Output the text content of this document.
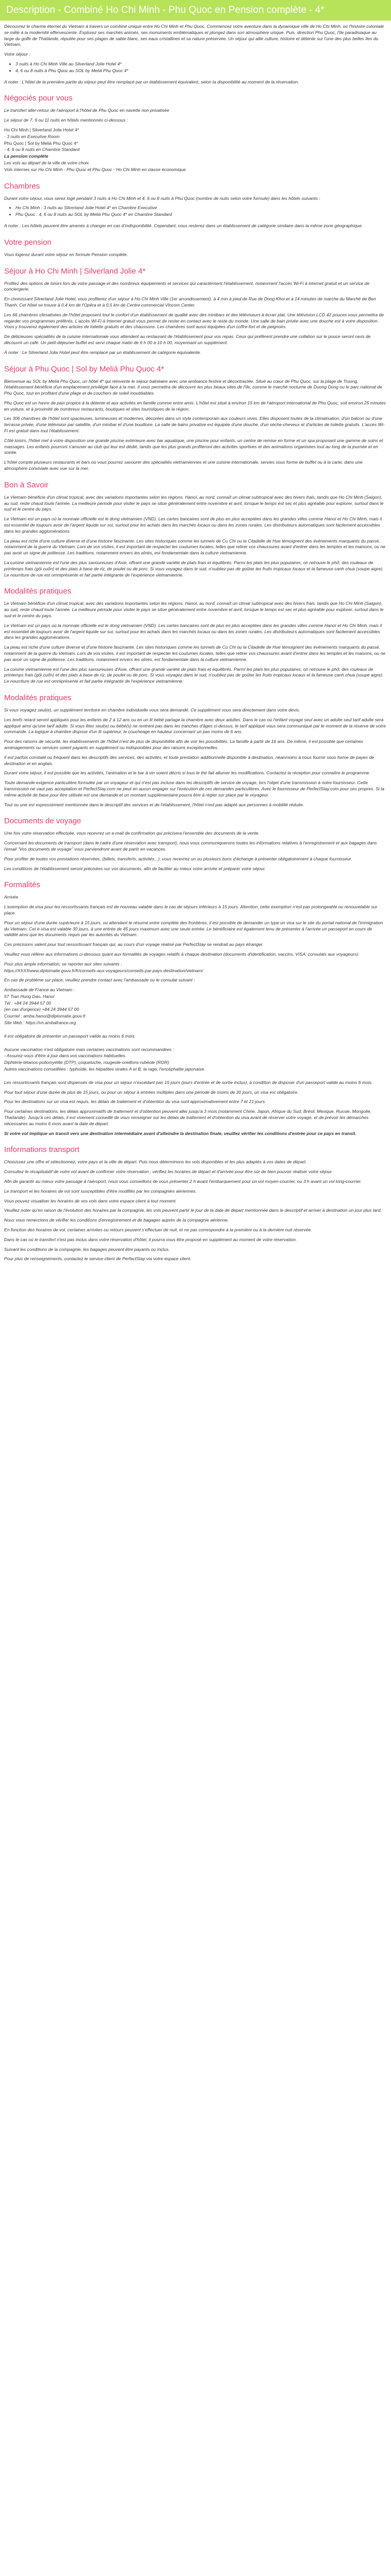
Description - Combiné Ho Chi Minh - Phu Quoc en Pension complète - 4*

Découvrez le charme éternel du Vietnam à travers un combiné unique entre Ho Chi Minh et Phu Quoc. Commencez votre aventure dans la dynamique ville de Ho Chi Minh, où l'histoire coloniale se mêle à la modernité effervescente. Explorez ses marchés animés, ses monuments emblématiques et plongez dans son atmosphère unique. Puis, direction Phu Quoc, l'île paradisiaque au large du golfe de Thaïlande, réputée pour ses plages de sable blanc, ses eaux cristallines et sa nature préservée. Un séjour qui allie culture, histoire et détente sur l'une des plus belles îles du Vietnam.

Votre séjour :

• 3 nuits à Ho Chi Minh Ville au Silverland Jolie Hotel 4*
• 4, 6 ou 8 nuits à Phu Quoc au SOL by Meliá Phu Quoc 4*

A noter : L'hôtel de la première partie du séjour peut être remplacé par un établissement équivalent, selon la disponibilité au moment de la réservation.

Négociés pour vous

Le transfert aller-retour de l'aéroport à l'hôtel de Phu Quoc en navette non privatisée

Le séjour de 7, 9 ou 11 nuits en hôtels mentionnés ci-dessous :

Ho Chi Minh | Silverland Jolie Hotel 4*

- 3 nuits en Executive Room

Phu Quoc | Sol by Meliá Phu Quoc 4*

- 4, 6 ou 8 nuits en Chambre Standard

La pension complète

Les vols au départ de la ville de votre choix

Vols internes sur Ho Chi Minh - Phu Quoc et Phu Quoc - Ho Chi Minh en classe économique

Chambres

Durant votre séjour, vous serez logé pendant 3 nuits à Ho Chi Minh et 4, 6 ou 8 nuits à Phu Quoc (nombre de nuits selon votre formule) dans les hôtels suivants :

• Ho Chi Minh : 3 nuits au Silverland Jolie Hotel 4* en Chambre Executive
• Phu Quoc : 4, 6 ou 8 nuits au SOL by Meliá Phu Quoc 4* en Chambre Standard

A noter : Les hôtels peuvent être amenés à changer en cas d'indisponibilité. Cependant, vous resterez dans un établissement de catégorie similaire dans la même zone géographique.

Votre pension

Vous logerez durant votre séjour en formule Pension complète.

Séjour à Ho Chi Minh | Silverland Jolie 4*

Profitez des options de loisirs lors de votre passage et des nombreux équipements et services qui caractérisent l'établissement, notamment l'accès Wi-Fi à internet gratuit et un service de conciergerie.

En choisissant Silverland Jolie Hotel, vous profiterez d'un séjour à Ho Chi Minh Ville (1er arrondissement), à 4 min à pied de Rue de Dong Khoi et à 14 minutes de marche du Marché de Ben Thanh. Cet hôtel se trouve à 0,4 km de l'Opéra et à 0,5 km de Centre commercial Vincom Center.

Les 66 chambres climatisées de l'hôtel proposent tout le confort d'un établissement de qualité avec des minibars et des téléviseurs à écran plat. Une télévision LCD 42 pouces vous permettra de regarder vos programmes préférés. L'accès Wi-Fi à Internet gratuit vous permet de rester en contact avec le reste du monde. Une salle de bain privée avec une douche est à votre disposition. Vous y trouverez également des articles de toilette gratuits et des chaussons. Les chambres sont aussi équipées d'un coffre-fort et de peignoirs.

De délicieuses spécialités de la cuisine internationale vous attendent au restaurant de l'établissement pour vos repas. Ceux qui préfèrent prendre une collation sur le pouce seront ravis de découvrir un café. Un petit-déjeuner buffet est servi chaque matin de 6 h 00 à 10 h 00, moyennant un supplément.

À noter : Le Silverland Jolie Hotel peut être remplacé par un établissement de catégorie équivalente.

Séjour à Phu Quoc | Sol by Meliá Phu Quoc 4*

Bienvenue au SOL by Meliá Phu Quoc, un hôtel 4* qui réinvente le séjour balnéaire avec une ambiance festive et décontractée. Situé au cœur de Phu Quoc, sur la plage de Truong, l'établissement bénéficie d'un emplacement privilégié face à la mer. Il vous permettra de découvrir les plus beaux sites de l'île, comme le marché nocturne de Duong Dong ou le parc national de Phu Quoc, tout en profitant d'une plage et de couchers de soleil inoubliables.

Phu Quoc est un havre de paix propice à la détente et aux activités en famille comme entre amis. L'hôtel est situé à environ 15 km de l'aéroport international de Phu Quoc, soit environ 25 minutes en voiture, et à proximité de nombreux restaurants, boutiques et sites touristiques de la région.

Les 306 chambres de l'hôtel sont spacieuses, lumineuses et modernes, décorées dans un style contemporain aux couleurs vives. Elles disposent toutes de la climatisation, d'un balcon ou d'une terrasse privée, d'une télévision par satellite, d'un minibar et d'une bouilloire. La salle de bains privative est équipée d'une douche, d'un sèche-cheveux et d'articles de toilette gratuits. L'accès Wi-Fi est gratuit dans tout l'établissement.

Côté loisirs, l'hôtel met à votre disposition une grande piscine extérieure avec bar aquatique, une piscine pour enfants, un centre de remise en forme et un spa proposant une gamme de soins et massages. Les enfants pourront s'amuser au club qui leur est dédié, tandis que les plus grands profiteront des activités sportives et des animations organisées tout au long de la journée et en soirée.

L'hôtel compte plusieurs restaurants et bars où vous pourrez savourer des spécialités vietnamiennes et une cuisine internationale, servies sous forme de buffet ou à la carte, dans une atmosphère conviviale avec vue sur la mer.

Bon à Savoir

Le Vietnam bénéficie d'un climat tropical, avec des variations importantes selon les régions. Hanoï, au nord, connaît un climat subtropical avec des hivers frais, tandis que Ho Chi Minh (Saigon), au sud, reste chaud toute l'année. La meilleure période pour visiter le pays se situe généralement entre novembre et avril, lorsque le temps est sec et plus agréable pour explorer, surtout dans le sud et le centre du pays.

Le Vietnam est un pays où la monnaie officielle est le dong vietnamien (VND). Les cartes bancaires sont de plus en plus acceptées dans les grandes villes comme Hanoï et Ho Chi Minh, mais il est essentiel de toujours avoir de l'argent liquide sur soi, surtout pour les achats dans les marchés locaux ou dans les zones rurales. Les distributeurs automatiques sont facilement accessibles dans les grandes agglomérations.

La peau est riche d'une culture diverse et d'une histoire fascinante. Les sites historiques comme les tunnels de Cu Chi ou la Citadelle de Hue témoignent des événements marquants du passé, notamment de la guerre du Vietnam. Lors de vos visites, il est important de respecter les coutumes locales, telles que retirer vos chaussures avant d'entrer dans les temples et les maisons, ou ne pas avoir un signe de politesse. Les traditions, notamment envers les aînés, est fondamentale dans la culture vietnamienne.

La cuisine vietnamienne est l'une des plus savoureuses d'Asie, offrant une grande variété de plats frais et équilibrés. Parmi les plats les plus populaires, on retrouve le phở, des rouleaux de printemps frais (gỏi cuốn) et des plats à base de riz, de poulet ou de porc. Si vous voyagez dans le sud, n'oubliez pas de goûter les fruits tropicaux locaux et la fameuse canh chua (soupe aigre). Le nourriture de rue est omniprésente et fait partie intégrante de l'expérience vietnamienne.

Modalités pratiques

Le Vietnam bénéficie d'un climat tropical, avec des variations importantes selon les régions. Hanoï, au nord, connaît un climat subtropical avec des hivers frais, tandis que Ho Chi Minh (Saigon), au sud, reste chaud toute l'année. La meilleure période pour visiter le pays se situe généralement entre novembre et avril, lorsque le temps est sec et plus agréable pour explorer, surtout dans le sud et le centre du pays.

Le Vietnam est un pays où la monnaie officielle est le dong vietnamien (VND). Les cartes bancaires sont de plus en plus acceptées dans les grandes villes comme Hanoï et Ho Chi Minh, mais il est essentiel de toujours avoir de l'argent liquide sur soi, surtout pour les achats dans les marchés locaux ou dans les zones rurales. Les distributeurs automatiques sont facilement accessibles dans les grandes agglomérations.

La peau est riche d'une culture diverse et d'une histoire fascinante. Les sites historiques comme les tunnels de Cu Chi ou la Citadelle de Hue témoignent des événements marquants du passé, notamment de la guerre du Vietnam. Lors de vos visites, il est important de respecter les coutumes locales, telles que retirer vos chaussures avant d'entrer dans les temples et les maisons, ou ne pas avoir un signe de politesse. Les traditions, notamment envers les aînés, est fondamentale dans la culture vietnamienne.

La cuisine vietnamienne est l'une des plus savoureuses d'Asie, offrant une grande variété de plats frais et équilibrés. Parmi les plats les plus populaires, on retrouve le phở, des rouleaux de printemps frais (gỏi cuốn) et des plats à base de riz, de poulet ou de porc. Si vous voyagez dans le sud, n'oubliez pas de goûter les fruits tropicaux locaux et la fameuse canh chua (soupe aigre). Le nourriture de rue est omniprésente et fait partie intégrante de l'expérience vietnamienne.

Modalités pratiques

Si vous voyagez seul(e), un supplément territoire en chambre individuelle vous sera demandé. Ce supplément vous sera directement dans votre devis.

Les brefs retard seront appliqués pour les enfants de 2 à 12 ans ou en un lit bébé partage la chambre avec deux adultes. Dans le cas où l'enfant voyage seul avec un adulte seul tarif adulte sera appliqué ainsi qu'une tarif adulte. Si vous êtes seul(e) ou bébé(s) ne rentrent pas dans les tranches d'âges ci-dessus, le tarif appliqué vous sera communiqué par le moment de la réserve de votre commande. La logique à chambre dispose d'un lit supérieur, le coucheage en hauteur concernant un pas moins de 6 ans.

Pour des raisons de sécurité, les établissements de l'hôtel n'est de plus de disponibilité afin de voir les possibilités. La famille à partir de 16 ans. De même, il est possible que certaines aménagements ou services soient payants en supplément ou indisponibles pour des raisons exceptionnelles.

Il est parfois constaté ou fréquent dans les descriptifs des services, des activités, et toute prestation additionnelle disponible à destination, néanmoins à nous fournir sous forme de payes de destination et en anglais.

Durant votre séjour, il est possible que les activités, l'animation et le bar à vin soient décris si tous le thé fait allumer les modifications. Contactez la réception pour connaître le programme.

Toute demande exigence particulière formulée par un voyageur et qui n'est pas incluse dans les descriptifs de service de voyage, lors l'objet d'une transmission à notre fournisseur. Cette transmission ne vaut pas acceptation et PerfectStay.com ne peut en aucun engager sur l'exécution de ces demandes particulières. Avec le fournisseur de PerfectStay.com pour ses propres. Si la même activité de base pour être utilisée est une demande et un montant supplémentaire pourra être à régler sur place par le voyageur.

Tout ou une est expressément mentionnée dans le descriptif des services et de l'établissement, l'hôtel n'est pas adapté aux personnes à mobilité réduite.

Documents de voyage

Une fois votre réservation effectuée, vous recevrez un e-mail de confirmation qui précisera l'ensemble des documents de la vente.

Concernant les documents de transport (dans le cadre d'une réservation avec transport), nous vous communiquerons toutes les informations relatives à l'enregistrement et aux bagages dans l'email "Vos documents de voyage" vous parviendront avant de partir en vacances.

Pour profiter de toutes vos prestations réservées, (billets, transferts, activités...), vous recevrez un ou plusieurs bons d'échange à présenter obligatoirement à chaque fournisseur.

Les conditions de l'établissement seront précisées sur vos documents, afin de faciliter au mieux votre arrivée et préparer votre séjour.

Formalités

Arrivée

L'exemption de visa pour les ressortissants français est de nouveau valable dans le cas de séjours inférieurs à 15 jours. Attention, cette exemption n'est pas prolongeable ou renouvelable sur place.

Pour un séjour d'une durée supérieure à 15 jours, ou attendant le résumé entre complète des frontières, il est possible de demander un type un visa sur le site du portail national de l'immigration du Vietnam. Cet e-visa est valable 30 jours, à une entrée de 45 jours maximum avec une seule entrée. Le bénéficiaire est également tenu de présenter à l'arrivée un passeport en cours de validité ainsi que les documents requis par les autorités du Vietnam.

Ces précisions valent pour tout ressortissant français qui, au cours d'un voyage réalisé par PerfectStay se rendrait au pays étranger.

Veuillez vous référer aux informations ci-dessous quant aux formalités de voyages relatifs à chaque destination (documents d'identification, vaccins, VISA, consulats aux voyageurs).

Pour plus ample information, se reporter aux sites suivants :

https://XXXXwww.diplomatie.gouv.fr/fr/conseils-aux-voyageurs/conseils-par-pays-destination/vietnam/

En cas de problème sur place, veuillez prendre contact avec l'ambassade ou le consulat suivant :

Ambassade de France au Vietnam :

57 Tran Hung Dao, Hanoï

Tél : +84 24 3944 57 00

(en cas d'urgence) +84 24 3944 57 00

Courriel : amba.hanoi@diplomatie.gouv.fr

Site Web : https://vn.ambafrance.org

Il est obligatoire de présenter un passeport valide au moins 6 mois.

Aucune vaccination n'est obligatoire mais certaines vaccinations sont recommandées :

- Assurez-vous d'être à jour dans vos vaccinations habituelles.

Diphtérie-tétanos-poliomyélite (DTP), coqueluche, rougeole-oreillons-rubéole (ROR).

Autres vaccinations conseillées : typhoïde, les hépatites virales A et B, la rage, l'encéphalite japonaise.

Les ressortissants français sont dispensés de visa pour un séjour n'excédant pas 15 jours (jours d'entrée et de sortie inclus), à condition de disposer d'un passeport valide au moins 6 mois.

Pour tout séjour d'une durée de plus de 15 jours, ou pour un séjour à entrées multiples dans une période de moins de 30 jours, un visa est obligatoire.

Pour les destinations sur un visa est requis, les délais de traitement et d'obtention du visa sont approximativement entre 7 et 21 jours.

Pour certaines destinations, les délais approximatifs de traitement et d'obtention peuvent aller jusqu'à 3 mois (notamment Chine, Japon, Afrique du Sud, Brésil, Mexique, Russie, Mongolie, Thaïlande). Jusqu'à ces délais, il est vivement conseillé de vous renseigner sur les délais de traitement et d'obtention du visa avant de réserver votre voyage, et de prévoir les démarches nécessaires au moins 6 mois avant la date de départ.

Si votre vol implique un transit vers une destination intermédiaire avant d'atteindre la destination finale, veuillez vérifier les conditions d'entrée pour ce pays en transit.

Informations transport

Choisissez une offre et sélectionnez, votre pays et la ville de départ. Puis nous déterminons les vols disponibles et les plus adaptés à vos dates de départ.

Consultez le récapitulatif de votre vol avant de confirmer votre réservation ; vérifiez les horaires de départ et d'arrivée pour être sûr de bien pouvoir réaliser votre séjour.

Afin de garantir au mieux votre passage à l'aéroport, nous vous conseillons de vous présenter 2 h avant l'embarquement pour un vol moyen-courrier, ou 3 h avant un vol long-courrier.

Le transport et les horaires de vol sont susceptibles d'être modifiés par les compagnies aériennes.

Vous pouvez visualiser les horaires de vos vols dans votre espace client à tout moment.

Veuillez noter qu'en raison de l'évolution des horaires par la compagnie, les vols peuvent partir le jour de la date de départ mentionnée dans le descriptif et arriver à destination un jour plus tard.

Nous vous remercions de vérifier les conditions d'enregistrement et de bagages auprès de la compagnie aérienne.

En fonction des horaires de vol, certaines arrivées ou retours peuvent s'effectuer de nuit, et ne pas correspondre à la première ou à la dernière nuit réservée.

Dans le cas où le transfert n'est pas inclus dans votre réservation d'hôtel, il pourra vous être proposé en supplément au moment de votre réservation.

Suivant les conditions de la compagnie, les bagages peuvent être payants ou inclus.

Pour plus de renseignements, contactez le service client de PerfectStay via votre espace client.
